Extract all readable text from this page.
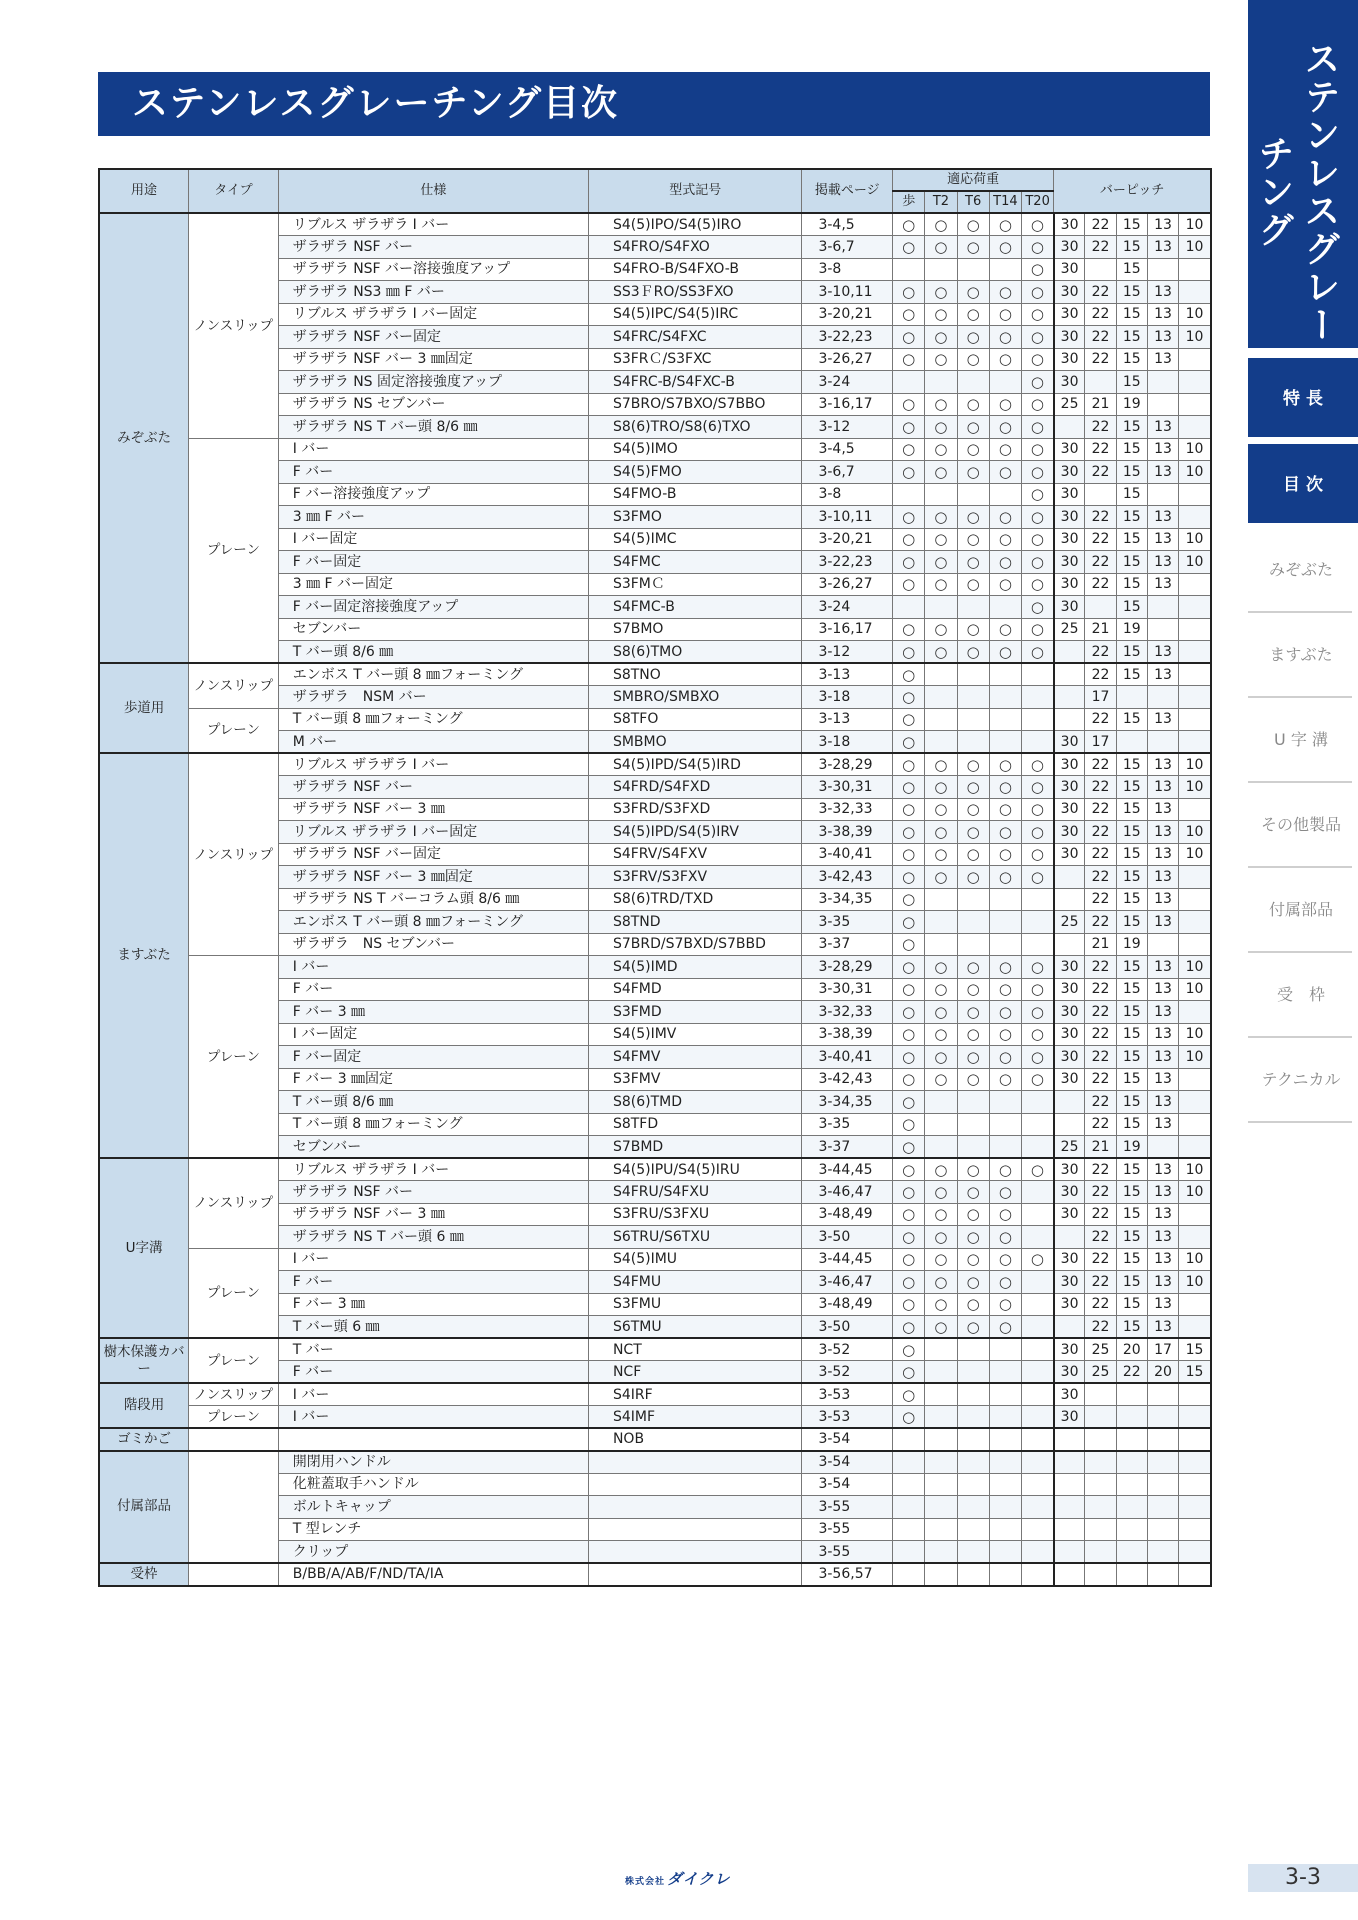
ステンレスグレーチング目次	ステンレスグレーチング
特 長
目 次
みぞぶた
ますぶた
U 字 溝
その他製品
付属部品
受　枠
テクニカル
用途	タイプ	仕様	型式記号	掲載ページ	適応荷重					バーピッチ				
					歩	T2	T6	T14	T20					
みぞぶた	ノンスリップ	リブルス ザラザラ I バー	S4(5)IPO/S4(5)IRO	3-4,5	○	○	○	○	○	30	22	15	13	10
		ザラザラ NSF バー	S4FRO/S4FXO	3-6,7	○	○	○	○	○	30	22	15	13	10
		ザラザラ NSF バー溶接強度アップ	S4FRO-B/S4FXO-B	3-8					○	30		15		
		ザラザラ NS3 ㎜ F バー	SS3ＦRO/SS3FXO	3-10,11	○	○	○	○	○	30	22	15	13	
		リブルス ザラザラ I バー固定	S4(5)IPC/S4(5)IRC	3-20,21	○	○	○	○	○	30	22	15	13	10
		ザラザラ NSF バー固定	S4FRC/S4FXC	3-22,23	○	○	○	○	○	30	22	15	13	10
		ザラザラ NSF バー 3 ㎜固定	S3FRＣ/S3FXC	3-26,27	○	○	○	○	○	30	22	15	13	
		ザラザラ NS 固定溶接強度アップ	S4FRC-B/S4FXC-B	3-24					○	30		15		
		ザラザラ NS セブンバー	S7BRO/S7BXO/S7BBO	3-16,17	○	○	○	○	○	25	21	19		
		ザラザラ NS T バー頭 8/6 ㎜	S8(6)TRO/S8(6)TXO	3-12	○	○	○	○	○		22	15	13	
	プレーン	I バー	S4(5)IMO	3-4,5	○	○	○	○	○	30	22	15	13	10
		F バー	S4(5)FMO	3-6,7	○	○	○	○	○	30	22	15	13	10
		F バー溶接強度アップ	S4FMO-B	3-8					○	30		15		
		3 ㎜ F バー	S3FMO	3-10,11	○	○	○	○	○	30	22	15	13	
		I バー固定	S4(5)IMC	3-20,21	○	○	○	○	○	30	22	15	13	10
		F バー固定	S4FMC	3-22,23	○	○	○	○	○	30	22	15	13	10
		3 ㎜ F バー固定	S3FMＣ	3-26,27	○	○	○	○	○	30	22	15	13	
		F バー固定溶接強度アップ	S4FMC-B	3-24					○	30		15		
		セブンバー	S7BMO	3-16,17	○	○	○	○	○	25	21	19		
		T バー頭 8/6 ㎜	S8(6)TMO	3-12	○	○	○	○	○		22	15	13	
歩道用	ノンスリップ	エンボス T バー頭 8 ㎜フォーミング	S8TNO	3-13	○						22	15	13	
		ザラザラ　NSM バー	SMBRO/SMBXO	3-18	○						17			
	プレーン	T バー頭 8 ㎜フォーミング	S8TFO	3-13	○						22	15	13	
		M バー	SMBMO	3-18	○					30	17			
ますぶた	ノンスリップ	リブルス ザラザラ I バー	S4(5)IPD/S4(5)IRD	3-28,29	○	○	○	○	○	30	22	15	13	10
		ザラザラ NSF バー	S4FRD/S4FXD	3-30,31	○	○	○	○	○	30	22	15	13	10
		ザラザラ NSF バー 3 ㎜	S3FRD/S3FXD	3-32,33	○	○	○	○	○	30	22	15	13	
		リブルス ザラザラ I バー固定	S4(5)IPD/S4(5)IRV	3-38,39	○	○	○	○	○	30	22	15	13	10
		ザラザラ NSF バー固定	S4FRV/S4FXV	3-40,41	○	○	○	○	○	30	22	15	13	10
		ザラザラ NSF バー 3 ㎜固定	S3FRV/S3FXV	3-42,43	○	○	○	○	○		22	15	13	
		ザラザラ NS T バーコラム頭 8/6 ㎜	S8(6)TRD/TXD	3-34,35	○						22	15	13	
		エンボス T バー頭 8 ㎜フォーミング	S8TND	3-35	○					25	22	15	13	
		ザラザラ　NS セブンバー	S7BRD/S7BXD/S7BBD	3-37	○						21	19		
	プレーン	I バー	S4(5)IMD	3-28,29	○	○	○	○	○	30	22	15	13	10
		F バー	S4FMD	3-30,31	○	○	○	○	○	30	22	15	13	10
		F バー 3 ㎜	S3FMD	3-32,33	○	○	○	○	○	30	22	15	13	
		I バー固定	S4(5)IMV	3-38,39	○	○	○	○	○	30	22	15	13	10
		F バー固定	S4FMV	3-40,41	○	○	○	○	○	30	22	15	13	10
		F バー 3 ㎜固定	S3FMV	3-42,43	○	○	○	○	○	30	22	15	13	
		T バー頭 8/6 ㎜	S8(6)TMD	3-34,35	○						22	15	13	
		T バー頭 8 ㎜フォーミング	S8TFD	3-35	○						22	15	13	
		セブンバー	S7BMD	3-37	○					25	21	19		
U字溝	ノンスリップ	リブルス ザラザラ I バー	S4(5)IPU/S4(5)IRU	3-44,45	○	○	○	○	○	30	22	15	13	10
		ザラザラ NSF バー	S4FRU/S4FXU	3-46,47	○	○	○	○		30	22	15	13	10
		ザラザラ NSF バー 3 ㎜	S3FRU/S3FXU	3-48,49	○	○	○	○		30	22	15	13	
		ザラザラ NS T バー頭 6 ㎜	S6TRU/S6TXU	3-50	○	○	○	○			22	15	13	
	プレーン	I バー	S4(5)IMU	3-44,45	○	○	○	○	○	30	22	15	13	10
		F バー	S4FMU	3-46,47	○	○	○	○		30	22	15	13	10
		F バー 3 ㎜	S3FMU	3-48,49	○	○	○	○		30	22	15	13	
		T バー頭 6 ㎜	S6TMU	3-50	○	○	○	○			22	15	13	
樹木保護カバー	プレーン	T バー	NCT	3-52	○					30	25	20	17	15
		F バー	NCF	3-52	○					30	25	22	20	15
階段用	ノンスリップ	I バー	S4IRF	3-53	○					30				
	プレーン	I バー	S4IMF	3-53	○					30				
ゴミかご			NOB	3-54										
付属部品		開閉用ハンドル		3-54										
		化粧蓋取手ハンドル		3-54										
		ボルトキャップ		3-55										
		T 型レンチ		3-55										
		クリップ		3-55										
受枠		B/BB/A/AB/F/ND/TA/IA		3-56,57										
株式会社 ダイクレ	3-3
